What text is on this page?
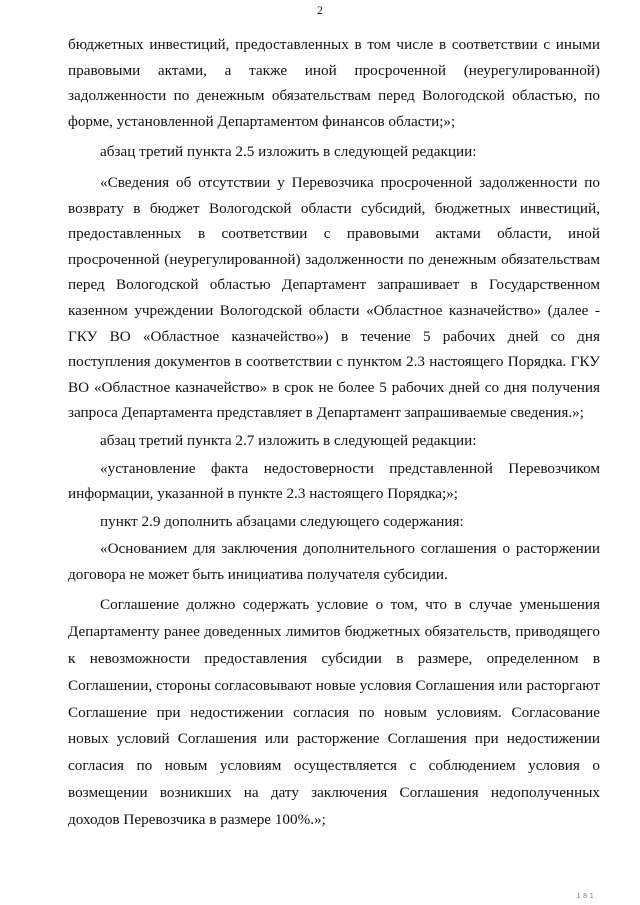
2

бюджетных инвестиций, предоставленных в том числе в соответствии с иными правовыми актами, а также иной просроченной (неурегулированной) задолженности по денежным обязательствам перед Вологодской областью, по форме, установленной Департаментом финансов области;»;

абзац третий пункта 2.5 изложить в следующей редакции:

«Сведения об отсутствии у Перевозчика просроченной задолженности по возврату в бюджет Вологодской области субсидий, бюджетных инвестиций, предоставленных в соответствии с правовыми актами области, иной просроченной (неурегулированной) задолженности по денежным обязательствам перед Вологодской областью Департамент запрашивает в Государственном казенном учреждении Вологодской области «Областное казначейство» (далее - ГКУ ВО «Областное казначейство») в течение 5 рабочих дней со дня поступления документов в соответствии с пунктом 2.3 настоящего Порядка. ГКУ ВО «Областное казначейство» в срок не более 5 рабочих дней со дня получения запроса Департамента представляет в Департамент запрашиваемые сведения.»;

абзац третий пункта 2.7 изложить в следующей редакции:

«установление факта недостоверности представленной Перевозчиком информации, указанной в пункте 2.3 настоящего Порядка;»;

пункт 2.9 дополнить абзацами следующего содержания:

«Основанием для заключения дополнительного соглашения о расторжении договора не может быть инициатива получателя субсидии.

Соглашение должно содержать условие о том, что в случае уменьшения Департаменту ранее доведенных лимитов бюджетных обязательств, приводящего к невозможности предоставления субсидии в размере, определенном в Соглашении, стороны согласовывают новые условия Соглашения или расторгают Соглашение при недостижении согласия по новым условиям. Согласование новых условий Соглашения или расторжение Соглашения при недостижении согласия по новым условиям осуществляется с соблюдением условия о возмещении возникших на дату заключения Соглашения недополученных доходов Перевозчика в размере 100%.»;

1 8 1
